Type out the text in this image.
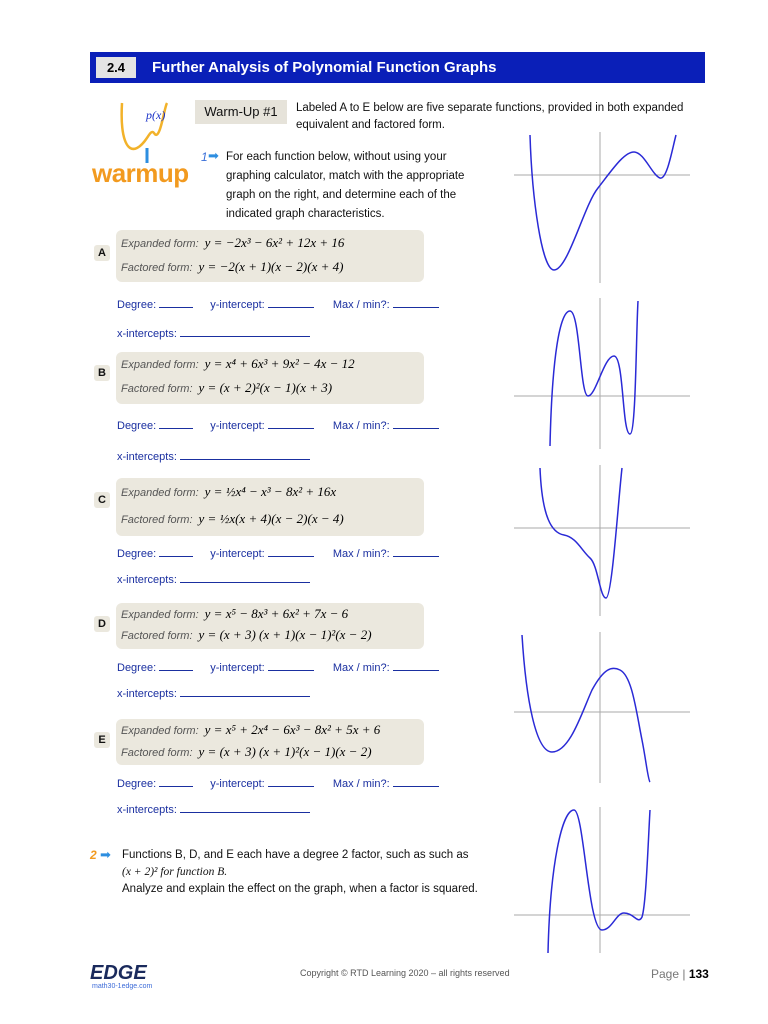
2.4	Further Analysis of Polynomial Function Graphs
p(x)
warmup
Warm-Up #1	Labeled A to E below are five separate functions, provided in both expanded equivalent and factored form.
1 ➡ For each function below, without using your graphing calculator, match with the appropriate graph on the right, and determine each of the indicated graph characteristics.
A
Expanded form: y = −2x³ − 6x² + 12x + 16
Factored form: y = −2(x + 1)(x − 2)(x + 4)
Degree:	y-intercept:	Max / min?:
x-intercepts:
B
Expanded form: y = x⁴ + 6x³ + 9x² − 4x − 12
Factored form: y = (x + 2)²(x − 1)(x + 3)
Degree:	y-intercept:	Max / min?:
x-intercepts:
C
Expanded form: y = ½x⁴ − x³ − 8x² + 16x
Factored form: y = ½x(x + 4)(x − 2)(x − 4)
Degree:	y-intercept:	Max / min?:
x-intercepts:
D
Expanded form: y = x⁵ − 8x³ + 6x² + 7x − 6
Factored form: y = (x + 3) (x + 1)(x − 1)²(x − 2)
Degree:	y-intercept:	Max / min?:
x-intercepts:
E
Expanded form: y = x⁵ + 2x⁴ − 6x³ − 8x² + 5x + 6
Factored form: y = (x + 3) (x + 1)²(x − 1)(x − 2)
Degree:	y-intercept:	Max / min?:
x-intercepts:
2 ➡ Functions B, D, and E each have a degree 2 factor, such as such as
(x + 2)² for function B.
Analyze and explain the effect on the graph, when a factor is squared.
EDGE
math30-1edge.com
Copyright © RTD Learning 2020 – all rights reserved	Page | 133
